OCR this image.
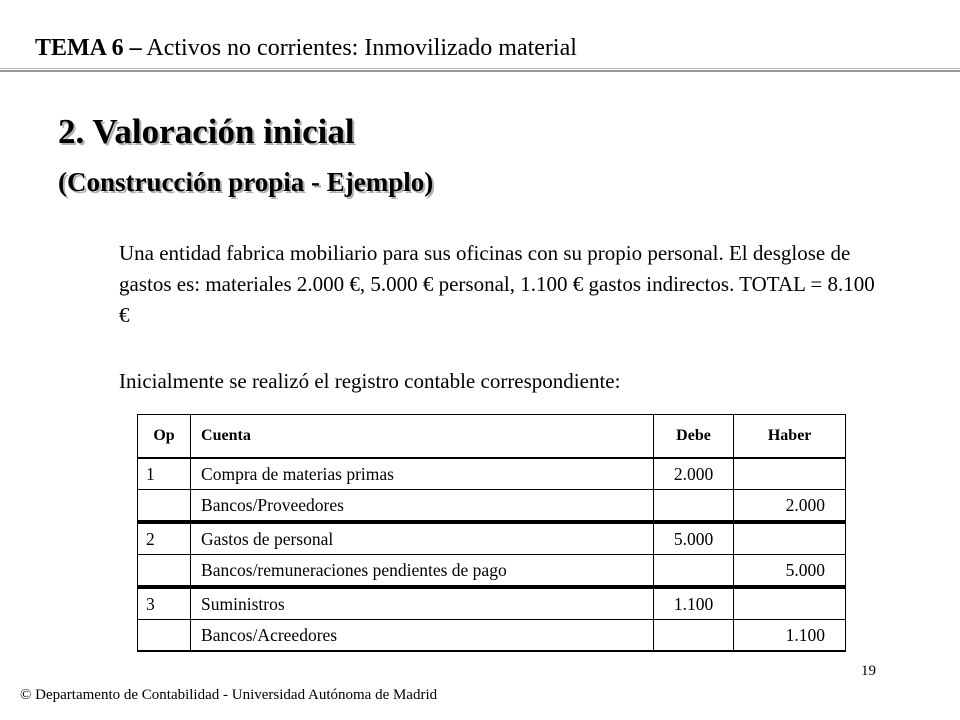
TEMA 6 – Activos no corrientes: Inmovilizado material
2. Valoración inicial
(Construcción propia - Ejemplo)

Una entidad fabrica mobiliario para sus oficinas con su propio personal. El desglose de gastos es: materiales 2.000 €, 5.000 € personal, 1.100 € gastos indirectos. TOTAL = 8.100 €

Inicialmente se realizó el registro contable correspondiente:

Op	Cuenta	Debe	Haber
1	Compra de materias primas	2.000	
	Bancos/Proveedores		2.000
2	Gastos de personal	5.000	
	Bancos/remuneraciones pendientes de pago		5.000
3	Suministros	1.100	
	Bancos/Acreedores		1.100
19
© Departamento de Contabilidad - Universidad Autónoma de Madrid
